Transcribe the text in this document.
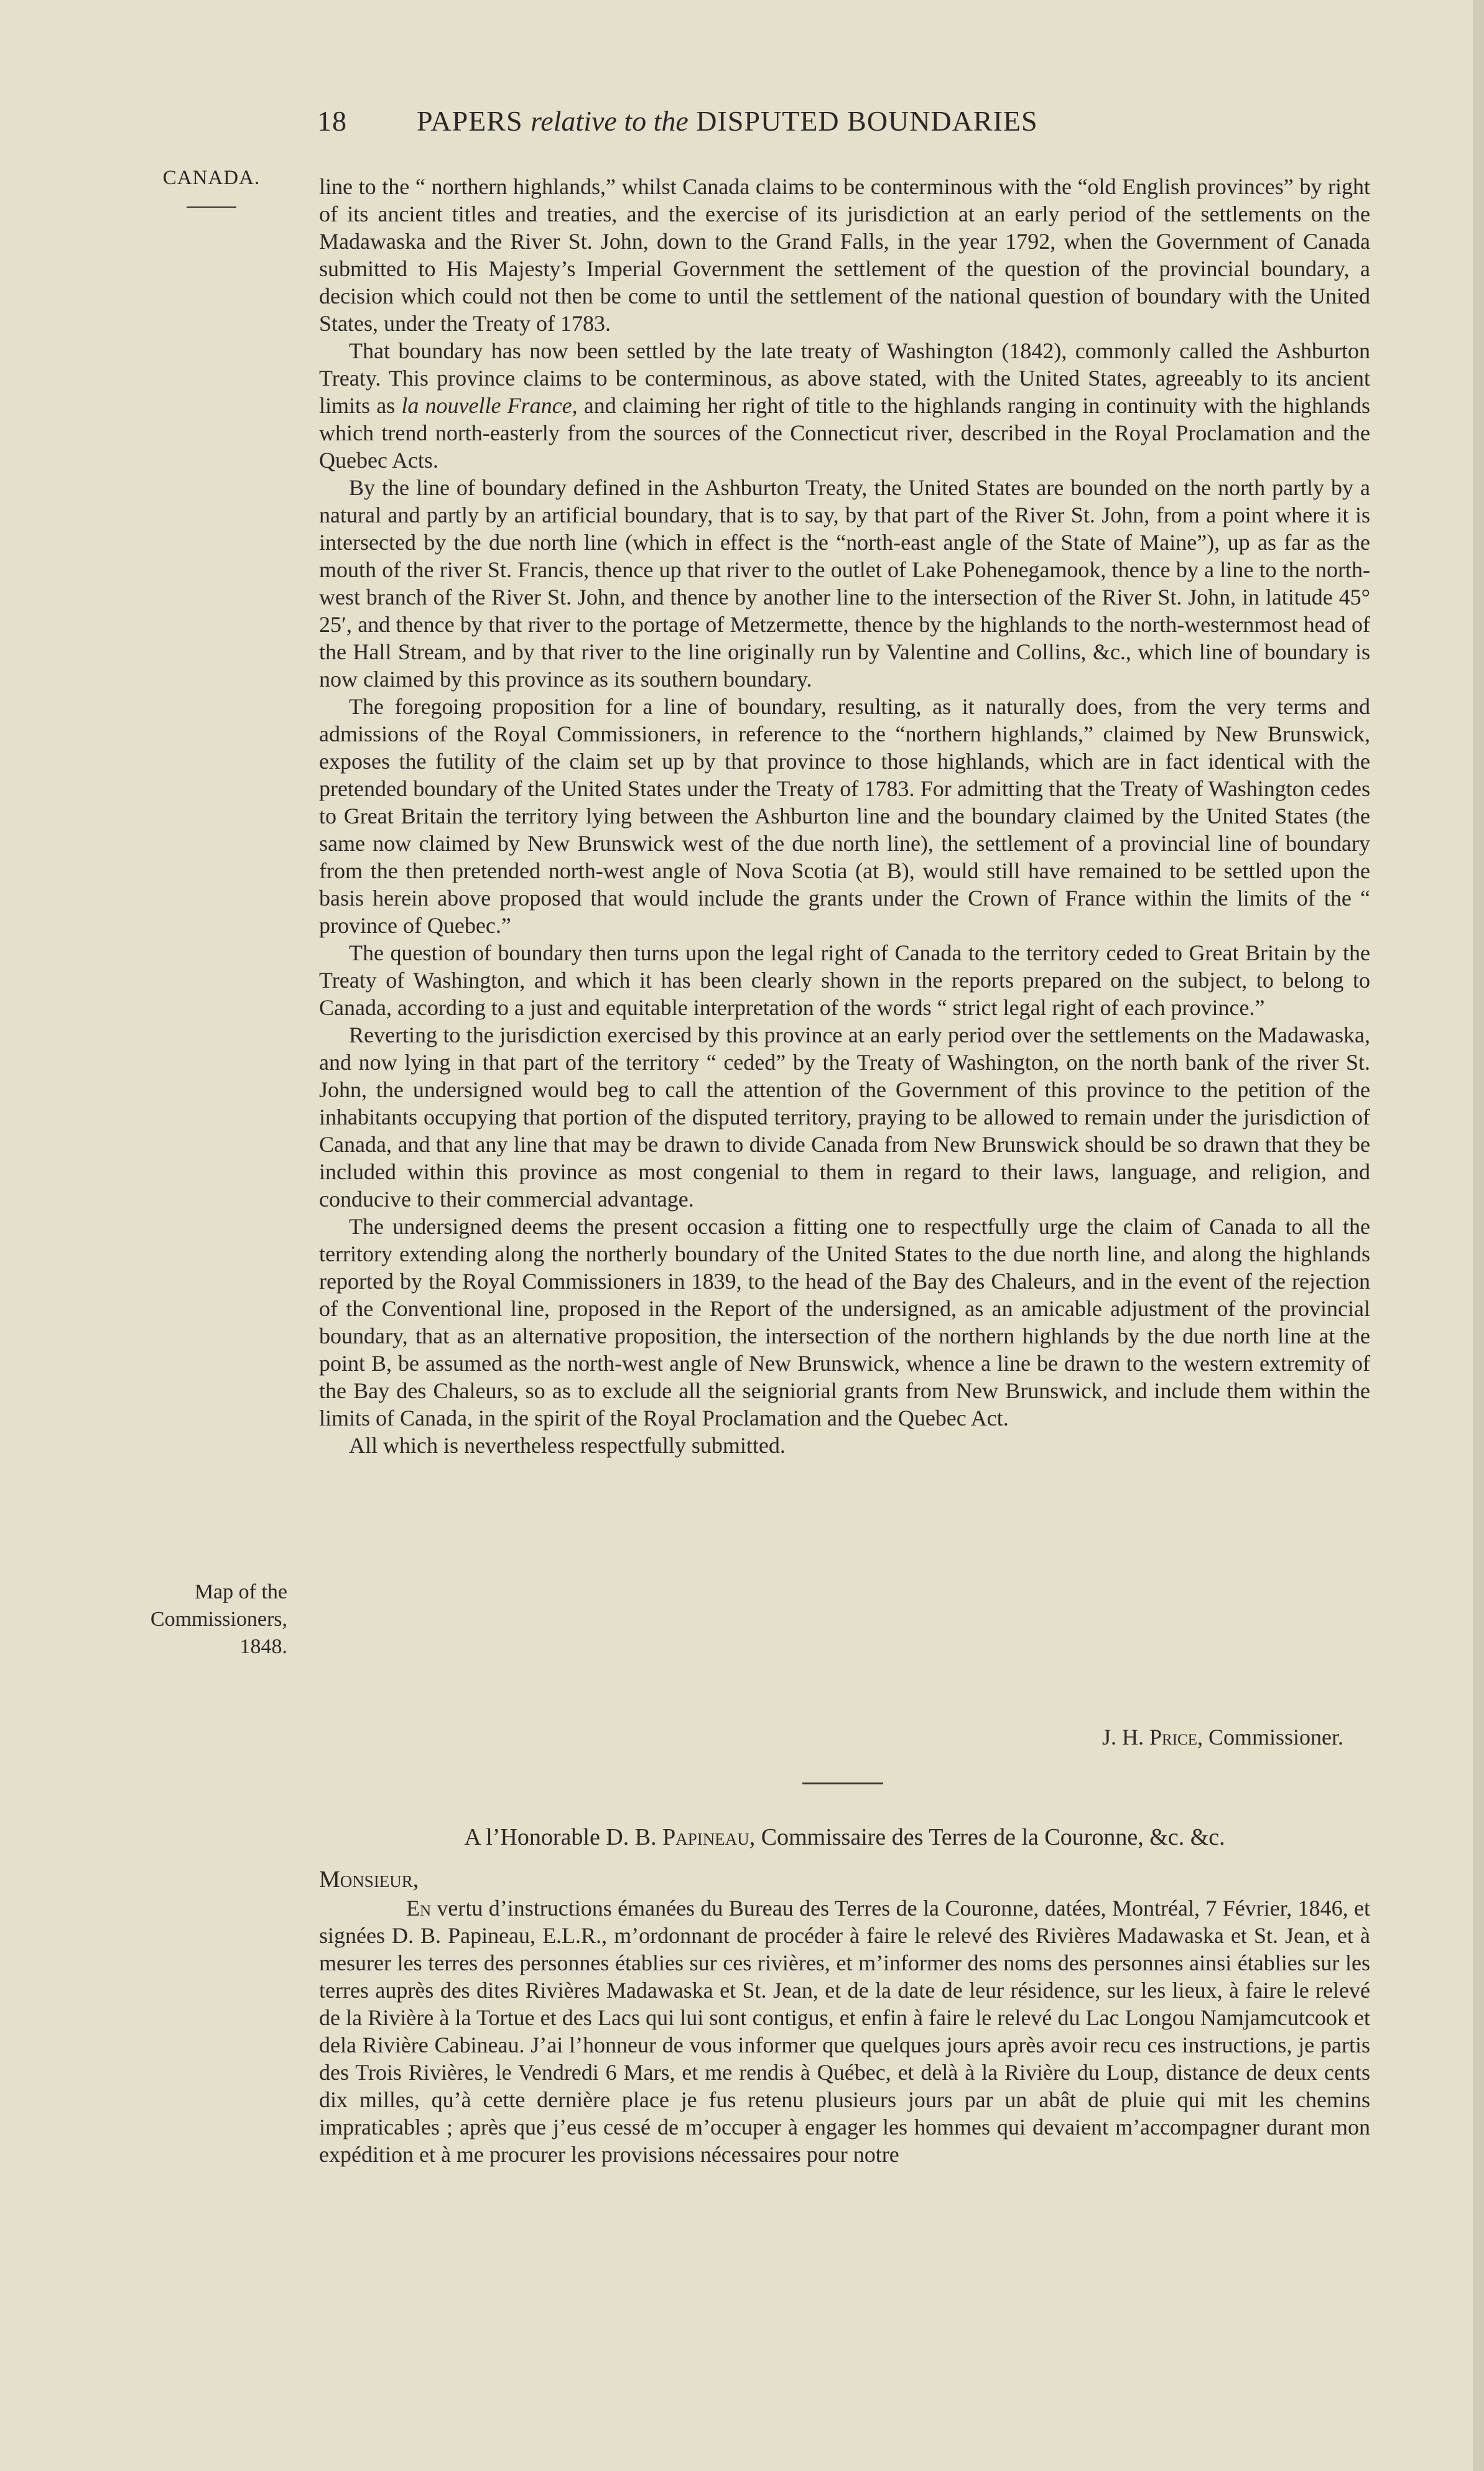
18 PAPERS relative to the DISPUTED BOUNDARIES
CANADA.
Map of the Commissioners, 1848.

line to the “ northern highlands,” whilst Canada claims to be conterminous with the “old English provinces” by right of its ancient titles and treaties, and the exercise of its jurisdiction at an early period of the settlements on the Madawaska and the River St. John, down to the Grand Falls, in the year 1792, when the Government of Canada submitted to His Majesty’s Imperial Government the settlement of the question of the provincial boundary, a decision which could not then be come to until the settlement of the national question of boundary with the United States, under the Treaty of 1783.

That boundary has now been settled by the late treaty of Washington (1842), commonly called the Ashburton Treaty. This province claims to be conterminous, as above stated, with the United States, agreeably to its ancient limits as la nouvelle France, and claiming her right of title to the highlands ranging in continuity with the highlands which trend north-easterly from the sources of the Connecticut river, described in the Royal Proclamation and the Quebec Acts.

By the line of boundary defined in the Ashburton Treaty, the United States are bounded on the north partly by a natural and partly by an artificial boundary, that is to say, by that part of the River St. John, from a point where it is intersected by the due north line (which in effect is the “north-east angle of the State of Maine”), up as far as the mouth of the river St. Francis, thence up that river to the outlet of Lake Pohenegamook, thence by a line to the north-west branch of the River St. John, and thence by another line to the intersection of the River St. John, in latitude 45° 25′, and thence by that river to the portage of Metzermette, thence by the highlands to the north-westernmost head of the Hall Stream, and by that river to the line originally run by Valentine and Collins, &c., which line of boundary is now claimed by this province as its southern boundary.

The foregoing proposition for a line of boundary, resulting, as it naturally does, from the very terms and admissions of the Royal Commissioners, in reference to the “northern highlands,” claimed by New Brunswick, exposes the futility of the claim set up by that province to those highlands, which are in fact identical with the pretended boundary of the United States under the Treaty of 1783. For admitting that the Treaty of Washington cedes to Great Britain the territory lying between the Ashburton line and the boundary claimed by the United States (the same now claimed by New Brunswick west of the due north line), the settlement of a provincial line of boundary from the then pretended north-west angle of Nova Scotia (at B), would still have remained to be settled upon the basis herein above proposed that would include the grants under the Crown of France within the limits of the “ province of Quebec.”

The question of boundary then turns upon the legal right of Canada to the territory ceded to Great Britain by the Treaty of Washington, and which it has been clearly shown in the reports prepared on the subject, to belong to Canada, according to a just and equitable interpretation of the words “ strict legal right of each province.”

Reverting to the jurisdiction exercised by this province at an early period over the settlements on the Madawaska, and now lying in that part of the territory “ ceded” by the Treaty of Washington, on the north bank of the river St. John, the undersigned would beg to call the attention of the Government of this province to the petition of the inhabitants occupying that portion of the disputed territory, praying to be allowed to remain under the jurisdiction of Canada, and that any line that may be drawn to divide Canada from New Brunswick should be so drawn that they be included within this province as most congenial to them in regard to their laws, language, and religion, and conducive to their commercial advantage.

The undersigned deems the present occasion a fitting one to respectfully urge the claim of Canada to all the territory extending along the northerly boundary of the United States to the due north line, and along the highlands reported by the Royal Commissioners in 1839, to the head of the Bay des Chaleurs, and in the event of the rejection of the Conventional line, proposed in the Report of the undersigned, as an amicable adjustment of the provincial boundary, that as an alternative proposition, the intersection of the northern highlands by the due north line at the point B, be assumed as the north-west angle of New Brunswick, whence a line be drawn to the western extremity of the Bay des Chaleurs, so as to exclude all the seigniorial grants from New Brunswick, and include them within the limits of Canada, in the spirit of the Royal Proclamation and the Quebec Act.

All which is nevertheless respectfully submitted.

J. H. Price, Commissioner.
A l’Honorable D. B. Papineau, Commissaire des Terres de la Couronne, &c. &c.
Monsieur,

En vertu d’instructions émanées du Bureau des Terres de la Couronne, datées, Montréal, 7 Février, 1846, et signées D. B. Papineau, E.L.R., m’ordonnant de procéder à faire le relevé des Rivières Madawaska et St. Jean, et à mesurer les terres des personnes établies sur ces rivières, et m’informer des noms des personnes ainsi établies sur les terres auprès des dites Rivières Madawaska et St. Jean, et de la date de leur résidence, sur les lieux, à faire le relevé de la Rivière à la Tortue et des Lacs qui lui sont contigus, et enfin à faire le relevé du Lac Longou Namjamcutcook et dela Rivière Cabineau. J’ai l’honneur de vous informer que quelques jours après avoir recu ces instructions, je partis des Trois Rivières, le Vendredi 6 Mars, et me rendis à Québec, et delà à la Rivière du Loup, distance de deux cents dix milles, qu’à cette dernière place je fus retenu plusieurs jours par un abât de pluie qui mit les chemins impraticables ; après que j’eus cessé de m’occuper à engager les hommes qui devaient m’accompagner durant mon expédition et à me procurer les provisions nécessaires pour notre
